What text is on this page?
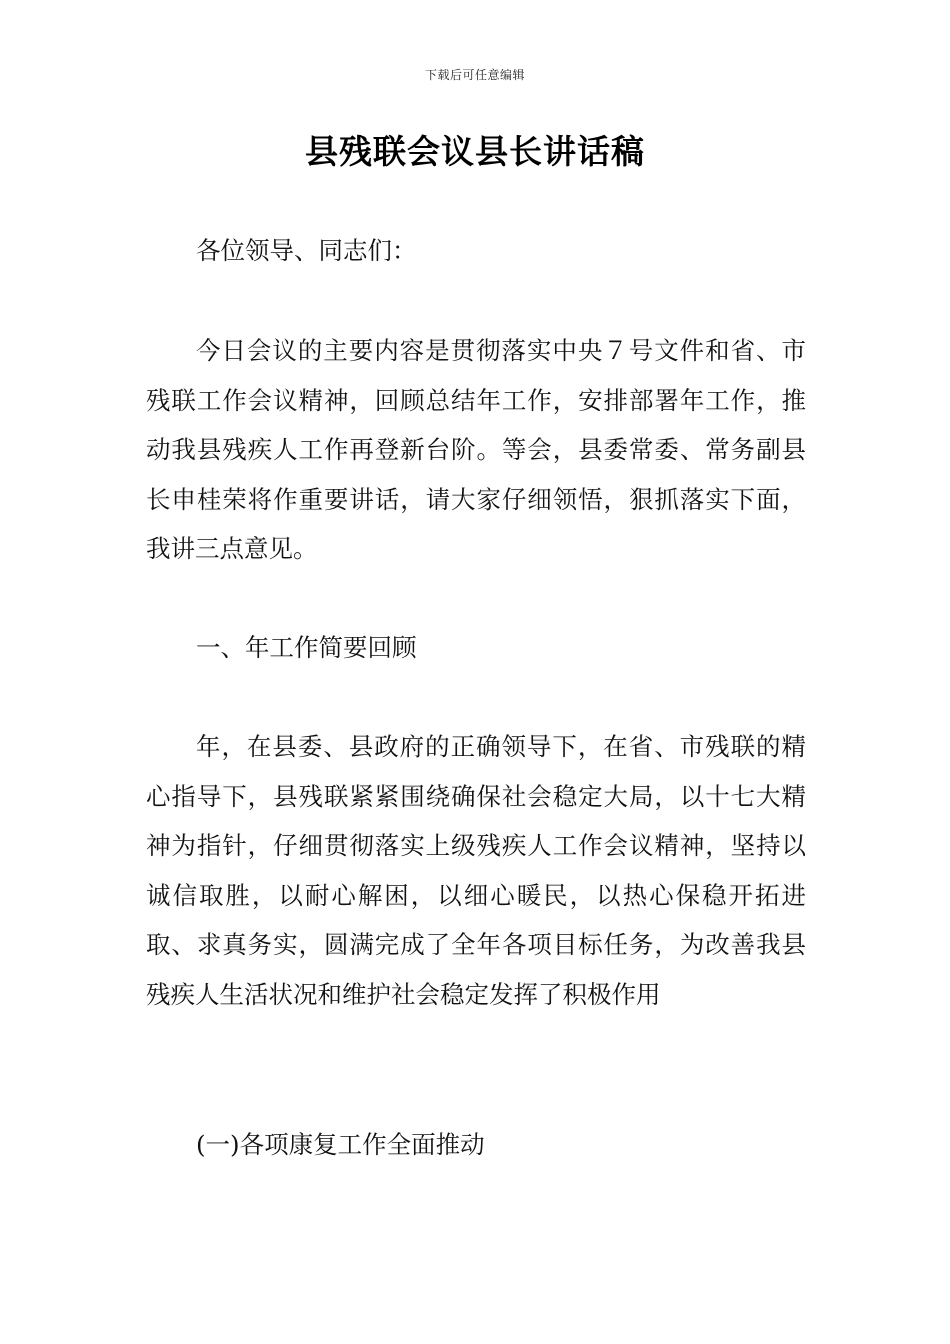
下载后可任意编辑
县残联会议县长讲话稿

各位领导、同志们：

今日会议的主要内容是贯彻落实中央７号文件和省、市残联工作会议精神，回顾总结年工作，安排部署年工作，推动我县残疾人工作再登新台阶。等会，县委常委、常务副县长申桂荣将作重要讲话，请大家仔细领悟，狠抓落实下面，我讲三点意见。

一、年工作简要回顾

年，在县委、县政府的正确领导下，在省、市残联的精心指导下，县残联紧紧围绕确保社会稳定大局，以十七大精神为指针，仔细贯彻落实上级残疾人工作会议精神，坚持以诚信取胜，以耐心解困，以细心暖民，以热心保稳开拓进取、求真务实，圆满完成了全年各项目标任务，为改善我县残疾人生活状况和维护社会稳定发挥了积极作用

(一)各项康复工作全面推动
